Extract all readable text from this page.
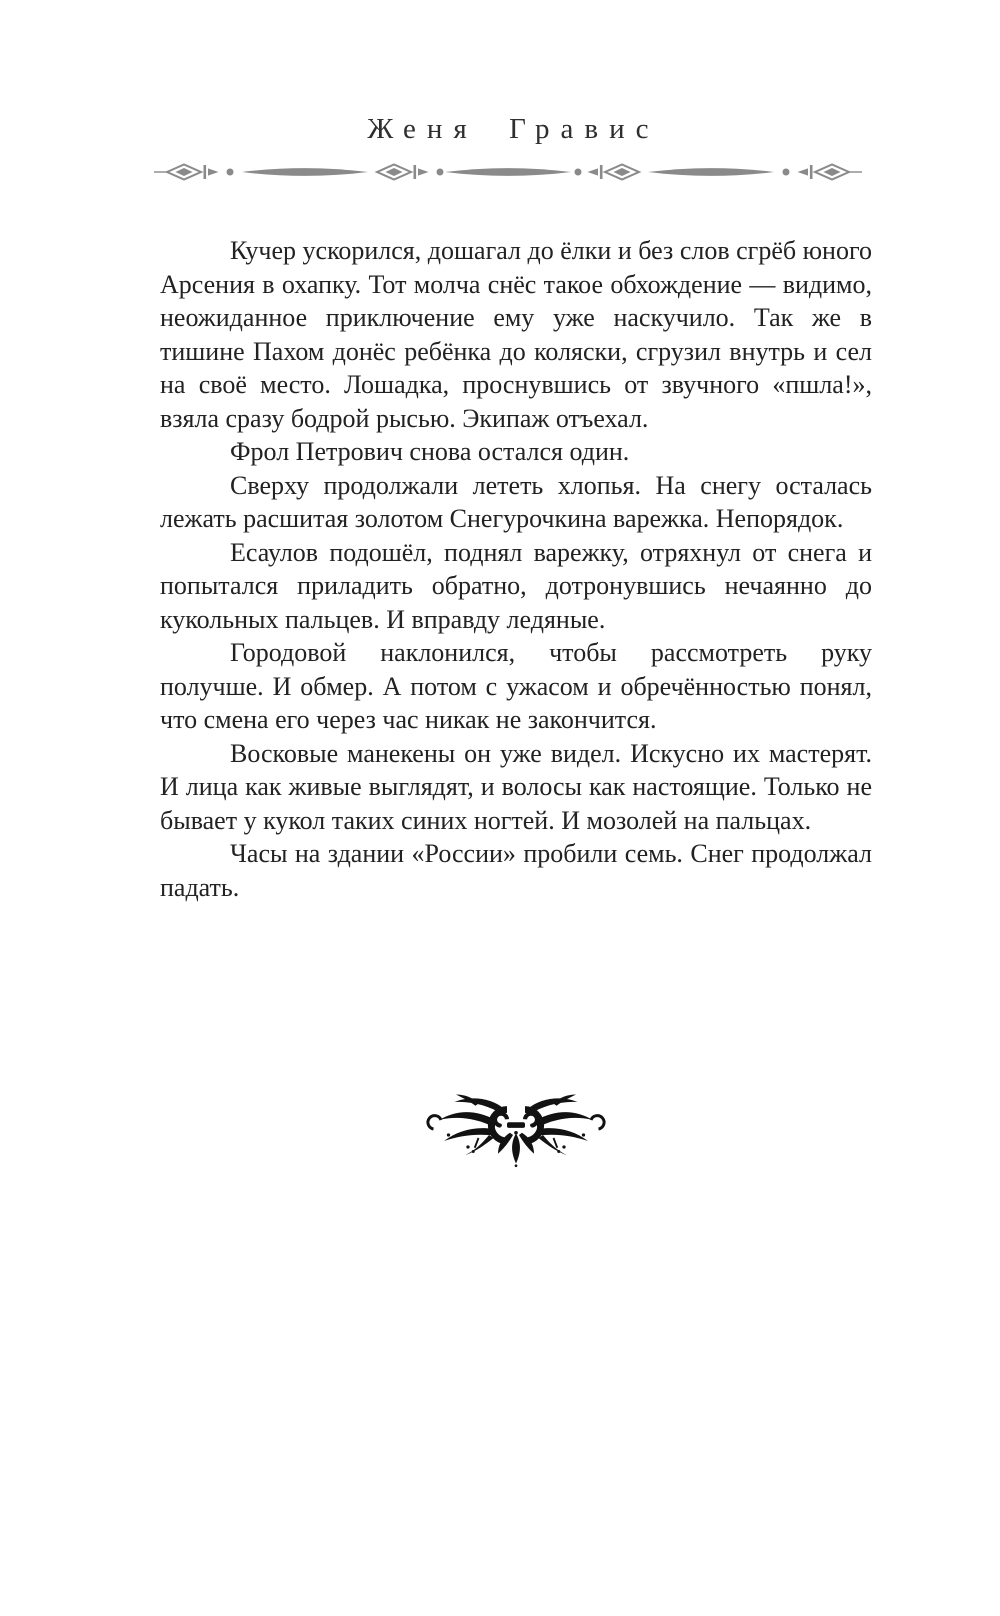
Женя Гравис

Кучер ускорился, дошагал до ёлки и без слов сгрёб юного Арсения в охапку. Тот молча снёс такое обхождение — видимо, неожиданное приключение ему уже наскучило. Так же в тишине Пахом донёс ребёнка до коляски, сгрузил внутрь и сел на своё место. Лошадка, проснувшись от звучного «пшла!», взяла сразу бодрой рысью. Экипаж отъехал.

Фрол Петрович снова остался один.

Сверху продолжали лететь хлопья. На снегу осталась лежать расшитая золотом Снегурочкина варежка. Непорядок.

Есаулов подошёл, поднял варежку, отряхнул от снега и попытался приладить обратно, дотронувшись нечаянно до кукольных пальцев. И вправду ледяные.

Городовой наклонился, чтобы рассмотреть руку получше. И обмер. А потом с ужасом и обречённостью понял, что смена его через час никак не закончится.

Восковые манекены он уже видел. Искусно их мастерят. И лица как живые выглядят, и волосы как настоящие. Только не бывает у кукол таких синих ногтей. И мозолей на пальцах.

Часы на здании «России» пробили семь. Снег продолжал падать.
